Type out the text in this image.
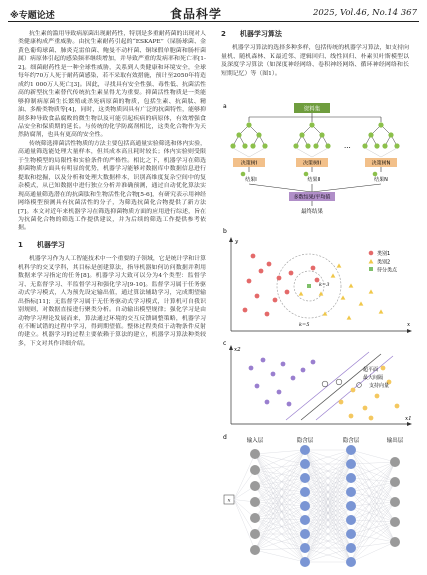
※专题论述	食品科学	2025, Vol.46, No.14 367

抗生素的滥用导致病原菌出现耐药性，特别是多重耐药菌的出现对人类健康构成严重威胁。由抗生素耐药引起的“ESKAPE”（屎肠球菌、金黄色葡萄球菌、肺炎克雷伯菌、鲍曼不动杆菌、铜绿假单胞菌和肠杆菌属）病原体引起的感染频率继续增加，并导致严重的发病率和死亡率[1-2]。细菌耐药性是一种全球性威胁，关系到人类健康和环境安全，全球每年约70万人死于耐药菌感染，若不采取有效措施，预计至2050年将造成约1 000万人死亡[3]。因此，寻找具有安全性强、毒性低、抗菌活性高的新型抗生素替代传统抗生素显得尤为重要。抑菌活性物质是一类能够抑制病原菌生长繁殖或杀死病原菌的物质，包括生素、抗菌肽、精油、多酚类物质等[4]，同时，这类物质因具有广泛的抗菌特性，能够抑制多种导致食品腐败的微生物以及可能引起疾病的病原体，有效增强食品安全和保质期的延长。与传统的化学防腐剂相比，这类化合物作为天然防腐剂，也具有更高的安全性。

传统筛选抑菌活性物质的方法主要包括高通量实验筛选和体内实验，高通量筛选能处理大量样本，但其成本高且耗时较长；体内实验则受限于生物模型的局限性和实验条件的严格性。相比之下，机器学习在筛选抑菌物质方面具有明显的优势，机器学习能够对数据库中数据信息进行提取和挖掘，以及分析和处理大数据样本，识别高维度复杂空间中的复杂模式，从已知数据中进行独立分析并准确预测，通过自动优化算法实现高通量筛选潜在的抗菌肽和生物活性化合物[5-6]，有研究表示用神经网络模型预测具有抗菌活性的分子，为筛选抗菌化合物提供了新方法[7]。本文对近年来机器学习在筛选抑菌物质方面的应用进行综述，旨在为抗菌化合物的筛选工作提供建议，并为后续的筛选工作提供参考依据。

1 机器学习

机器学习作为人工智能技术中一个重要的子领域，它是统计学和计算机科学的交叉学科，其目标是创建算法，指导机器如何访问数据并利用数据来学习指定的任务[8]。机器学习大致可以分为4个类型：监督学习、无监督学习、半监督学习和强化学习[9-10]。监督学习属于任务驱动式学习模式，人为预先设定输出值，通过算法辅助学习，完成期望输出指标[11]；无监督学习属于无任务驱动式学习模式，计算机可自我识别规则，对数据直接进行聚类分析。自动输出模型规律；强化学习是由动物学习理论发展而来，算法通过环境的交互反馈调整策略，机器学习在不断试错的过程中学习，得到期望值。整体过程类似于动物条件反射的建立。机器学习的过程主要依赖于算法的建立，机器学习算法种类较多，下文对其作详细介绍。

2 机器学习算法

机器学习算法的选择多种多样，包括传统的机器学习算法，如支持向量机、随机森林、Ｋ最近邻、逻辑回归、线性回归、朴素贝叶斯模型以及深度学习算法（如深度神经网络、卷积神经网络、循环神经网络和长短期记忆）等（图1）。

a	资料集
...
决策树I	决策树II	决策树N
结果I	结果II	结果N
多数结果/平均值
最终结果
b
y
x
k=3
k=5
类别1
类别2
待分类点
c
x2
x1
超平面
最大间隔
支持向量
d	输入层	隐含层	隐含层	输出层
x
